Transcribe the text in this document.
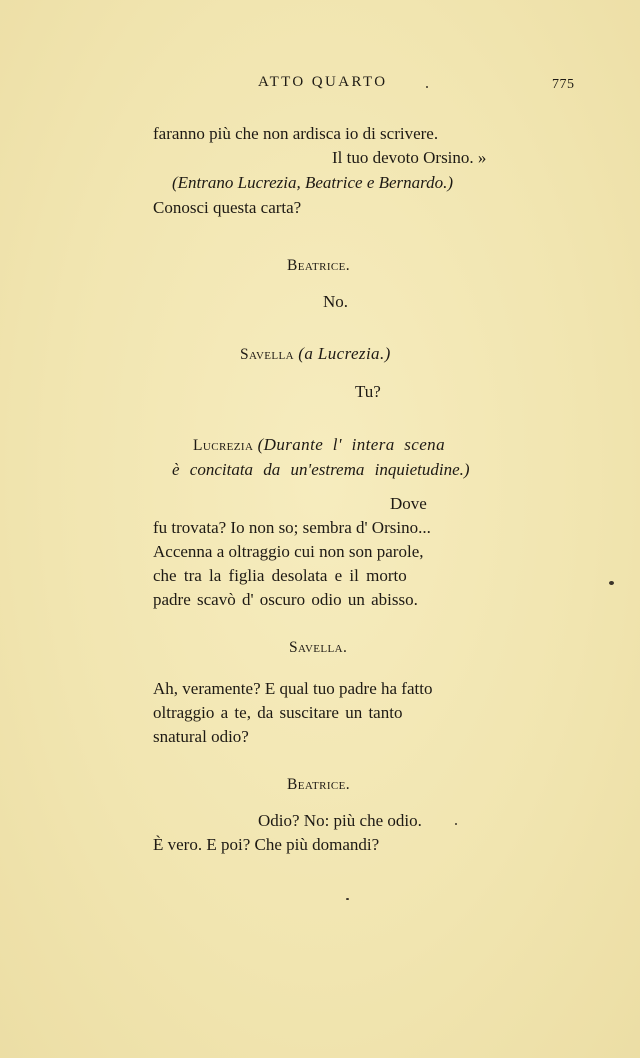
ATTO QUARTO	775
faranno più che non ardisca io di scrivere.
Il tuo devoto Orsino. »
(Entrano Lucrezia, Beatrice e Bernardo.)
Conosci questa carta?
Beatrice.
No.
Savella (a Lucrezia.)
Tu?
Lucrezia (Durante l' intera scena
è concitata da un'estrema inquietudine.)
Dove
fu trovata? Io non so; sembra d' Orsino...
Accenna a oltraggio cui non son parole,
che tra la figlia desolata e il morto
padre scavò d' oscuro odio un abisso.
Savella.
Ah, veramente? E qual tuo padre ha fatto
oltraggio a te, da suscitare un tanto
snatural odio?
Beatrice.
Odio? No: più che odio.
È vero. E poi? Che più domandi?
